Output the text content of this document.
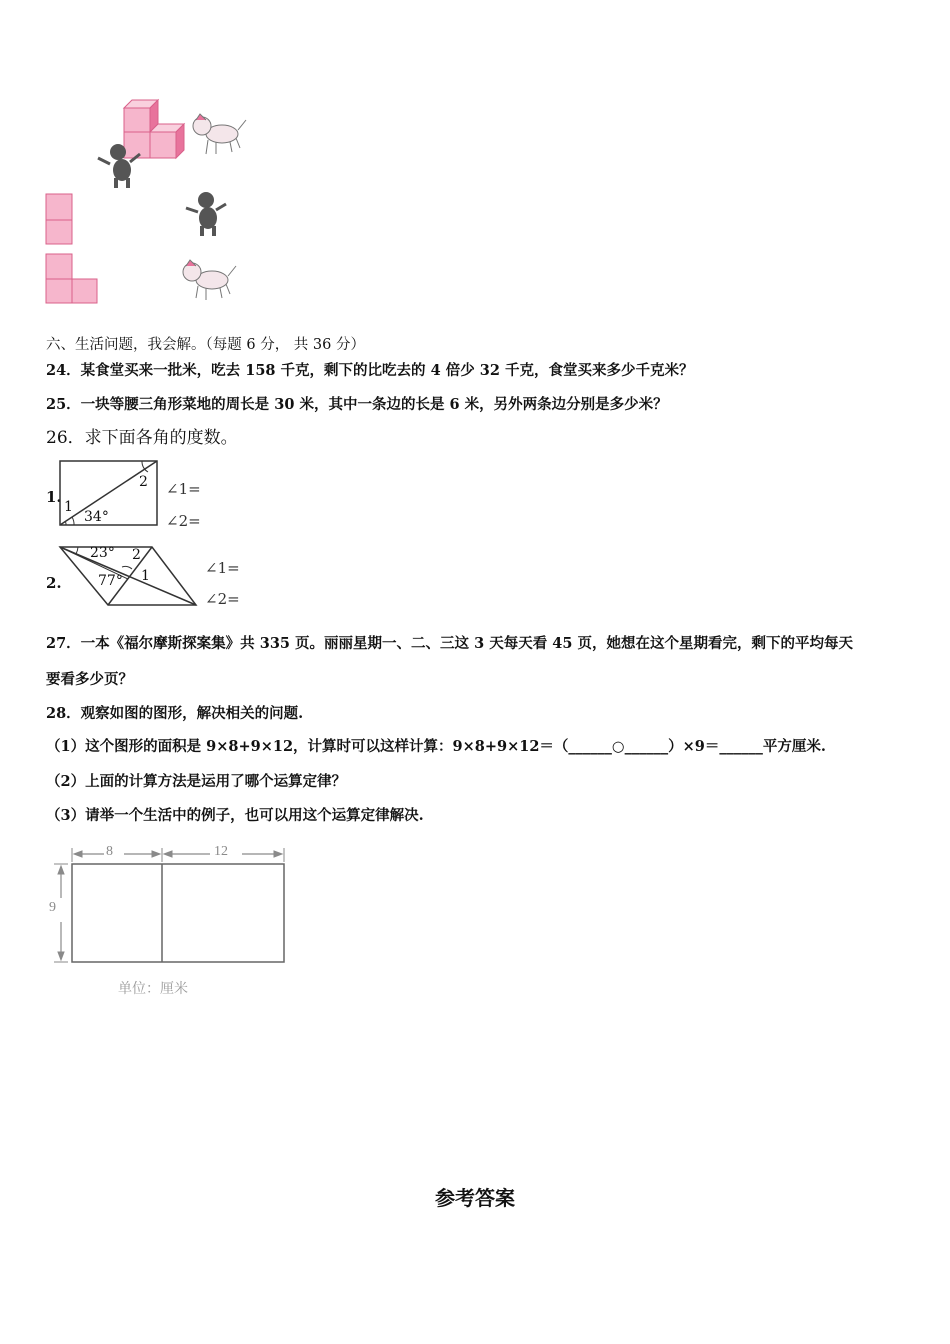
六、生活问题，我会解。（每题 6 分， 共 36 分）
24．某食堂买来一批米，吃去 158 千克，剩下的比吃去的 4 倍少 32 千克，食堂买来多少千克米？
25．一块等腰三角形菜地的周长是 30 米，其中一条边的长是 6 米，另外两条边分别是多少米？
26．求下面各角的度数。
1.
1
2
34°
∠1=
∠2=
2.
23° 2
77° 1	∠1=
∠2=
27．一本《福尔摩斯探案集》共 335 页。丽丽星期一、二、三这 3 天每天看 45 页，她想在这个星期看完，剩下的平均每天
要看多少页？
28．观察如图的图形，解决相关的问题.
（1）这个图形的面积是 9×8+9×12，计算时可以这样计算：9×8+9×12＝（______○______）×9＝______平方厘米.
（2）上面的计算方法是运用了哪个运算定律？
（3）请举一个生活中的例子，也可以用这个运算定律解决.
8	12
9
单位：厘米
参考答案
